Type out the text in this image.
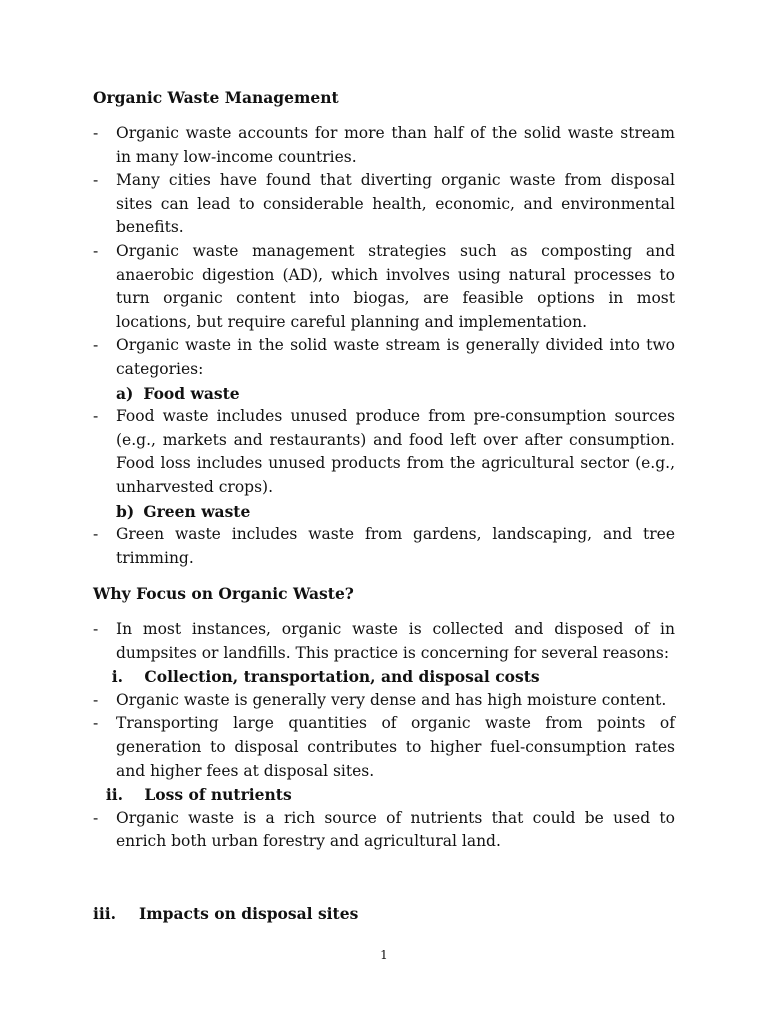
Organic Waste Management
- Organic waste accounts for more than half of the solid waste stream in many low-income countries.
- Many cities have found that diverting organic waste from disposal sites can lead to considerable health, economic, and environmental benefits.
- Organic waste management strategies such as composting and anaerobic digestion (AD), which involves using natural processes to turn organic content into biogas, are feasible options in most locations, but require careful planning and implementation.
- Organic waste in the solid waste stream is generally divided into two categories:
a) Food waste
- Food waste includes unused produce from pre-consumption sources (e.g., markets and restaurants) and food left over after consumption. Food loss includes unused products from the agricultural sector (e.g., unharvested crops).
b) Green waste
- Green waste includes waste from gardens, landscaping, and tree trimming.
Why Focus on Organic Waste?
- In most instances, organic waste is collected and disposed of in dumpsites or landfills. This practice is concerning for several reasons:
i. Collection, transportation, and disposal costs
- Organic waste is generally very dense and has high moisture content.
- Transporting large quantities of organic waste from points of generation to disposal contributes to higher fuel-consumption rates and higher fees at disposal sites.
ii. Loss of nutrients
- Organic waste is a rich source of nutrients that could be used to enrich both urban forestry and agricultural land.
iii. Impacts on disposal sites
1
